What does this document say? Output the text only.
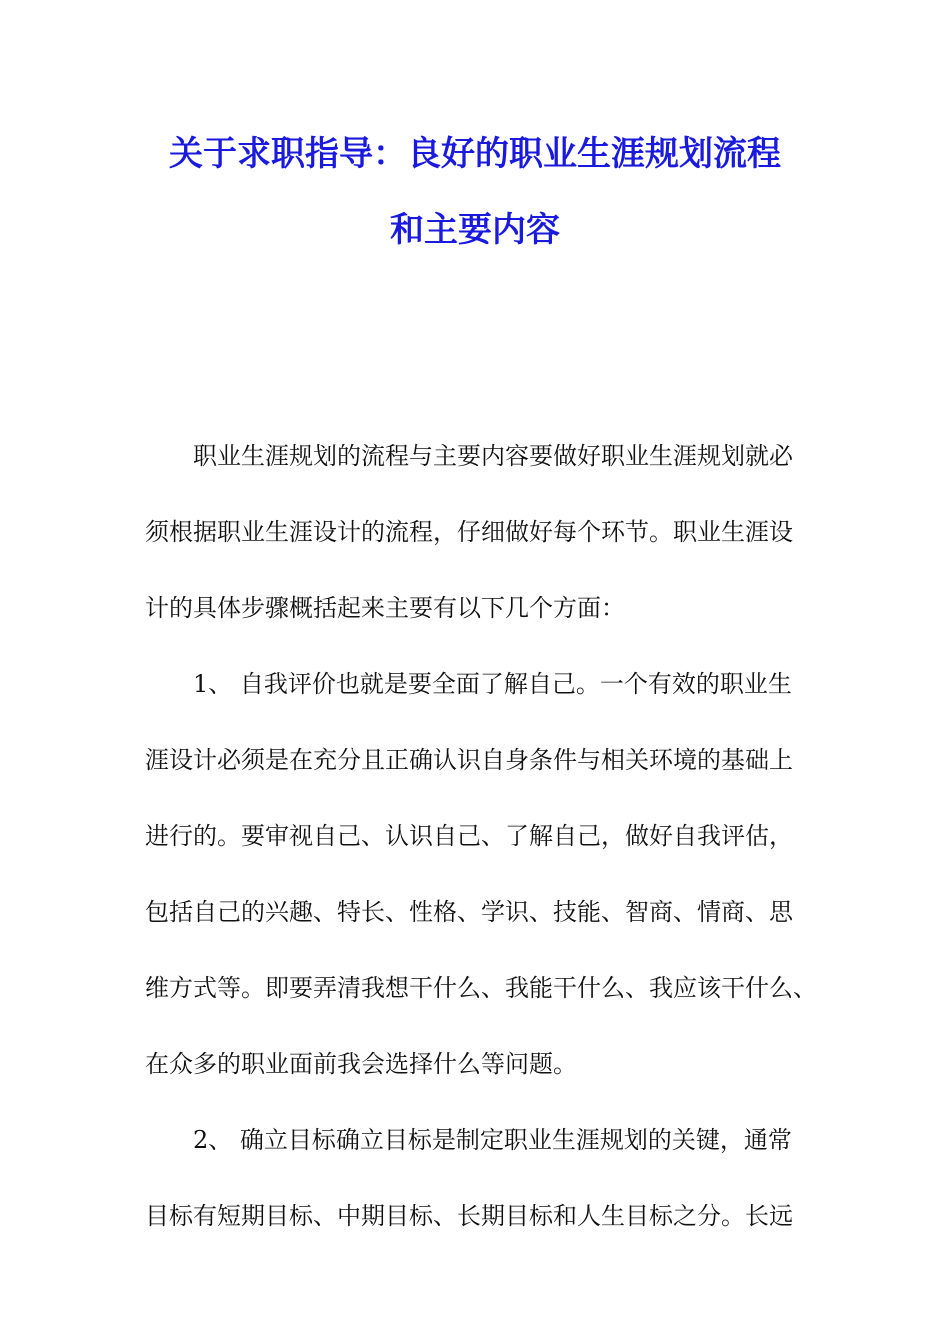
关于求职指导：良好的职业生涯规划流程
和主要内容
职业生涯规划的流程与主要内容要做好职业生涯规划就必
须根据职业生涯设计的流程，仔细做好每个环节。职业生涯设
计的具体步骤概括起来主要有以下几个方面：
1、 自我评价也就是要全面了解自己。一个有效的职业生
涯设计必须是在充分且正确认识自身条件与相关环境的基础上
进行的。要审视自己、认识自己、了解自己，做好自我评估，
包括自己的兴趣、特长、性格、学识、技能、智商、情商、思
维方式等。即要弄清我想干什么、我能干什么、我应该干什么、
在众多的职业面前我会选择什么等问题。
2、 确立目标确立目标是制定职业生涯规划的关键，通常
目标有短期目标、中期目标、长期目标和人生目标之分。长远
